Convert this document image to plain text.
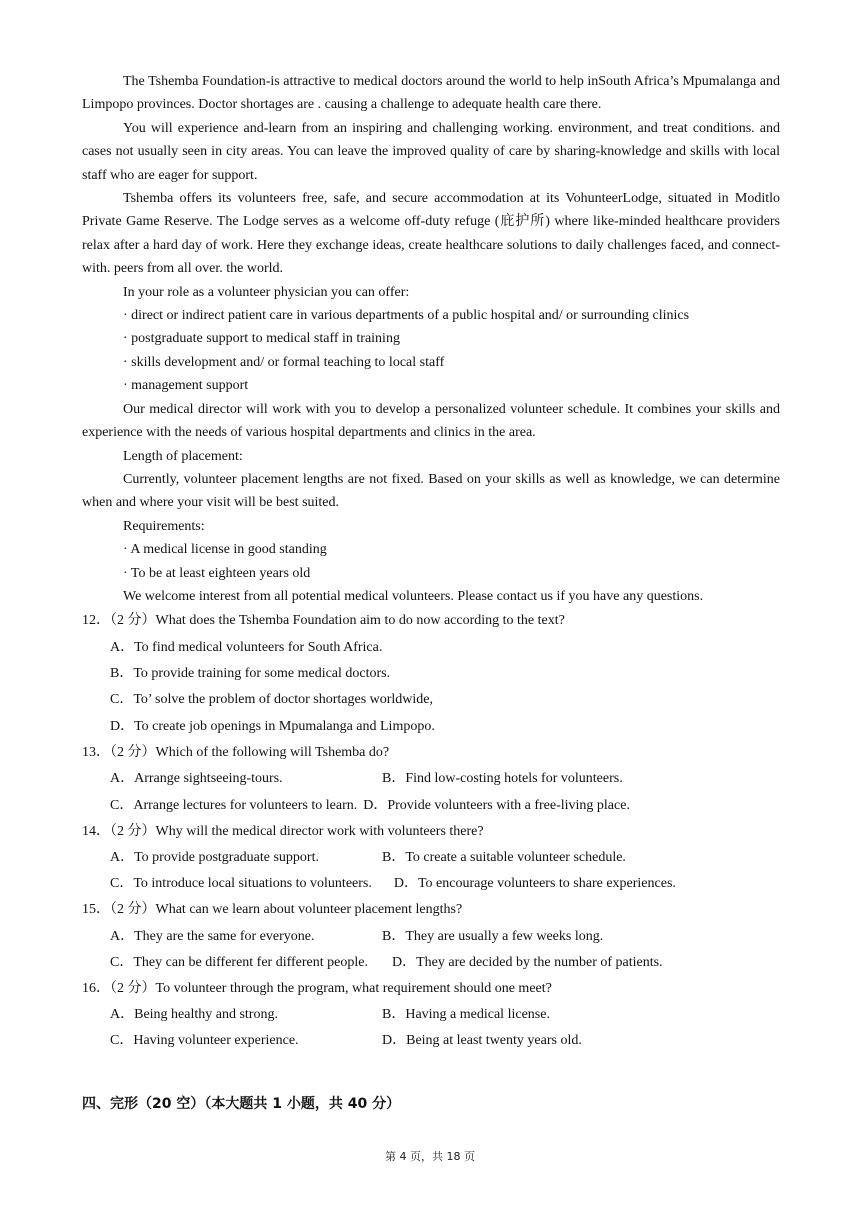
The Tshemba Foundation-is attractive to medical doctors around the world to help inSouth Africa’s Mpumalanga and Limpopo provinces. Doctor shortages are . causing a challenge to adequate health care there.

You will experience and-learn from an inspiring and challenging working. environment, and treat conditions. and cases not usually seen in city areas. You can leave the improved quality of care by sharing-knowledge and skills with local staff who are eager for support.

Tshemba offers its volunteers free, safe, and secure accommodation at its VohunteerLodge, situated in Moditlo Private Game Reserve. The Lodge serves as a welcome off-duty refuge (庇护所) where like-minded healthcare providers relax after a hard day of work. Here they exchange ideas, create healthcare solutions to daily challenges faced, and connect-with. peers from all over. the world.

In your role as a volunteer physician you can offer:

· direct or indirect patient care in various departments of a public hospital and/ or surrounding clinics

· postgraduate support to medical staff in training

· skills development and/ or formal teaching to local staff

· management support

Our medical director will work with you to develop a personalized volunteer schedule. It combines your skills and experience with the needs of various hospital departments and clinics in the area.

Length of placement:

Currently, volunteer placement lengths are not fixed. Based on your skills as well as knowledge, we can determine when and where your visit will be best suited.

Requirements:

· A medical license in good standing

· To be at least eighteen years old

We welcome interest from all potential medical volunteers. Please contact us if you have any questions.

12．（2 分）What does the Tshemba Foundation aim to do now according to the text?
A．To find medical volunteers for South Africa.
B．To provide training for some medical doctors.
C．To’ solve the problem of doctor shortages worldwide,
D．To create job openings in Mpumalanga and Limpopo.
13．（2 分）Which of the following will Tshemba do?
A．Arrange sightseeing-tours.	B．Find low-costing hotels for volunteers.
C．Arrange lectures for volunteers to learn. D．Provide volunteers with a free-living place.
14．（2 分）Why will the medical director work with volunteers there?
A．To provide postgraduate support.	B．To create a suitable volunteer schedule.
C．To introduce local situations to volunteers. D．To encourage volunteers to share experiences.
15．（2 分）What can we learn about volunteer placement lengths?
A．They are the same for everyone.	B．They are usually a few weeks long.
C．They can be different fer different people. D．They are decided by the number of patients.
16．（2 分）To volunteer through the program, what requirement should one meet?
A．Being healthy and strong.	B．Having a medical license.
C．Having volunteer experience.	D．Being at least twenty years old.
四、完形（20 空）（本大题共 1 小题，共 40 分）
第 4 页，共 18 页
